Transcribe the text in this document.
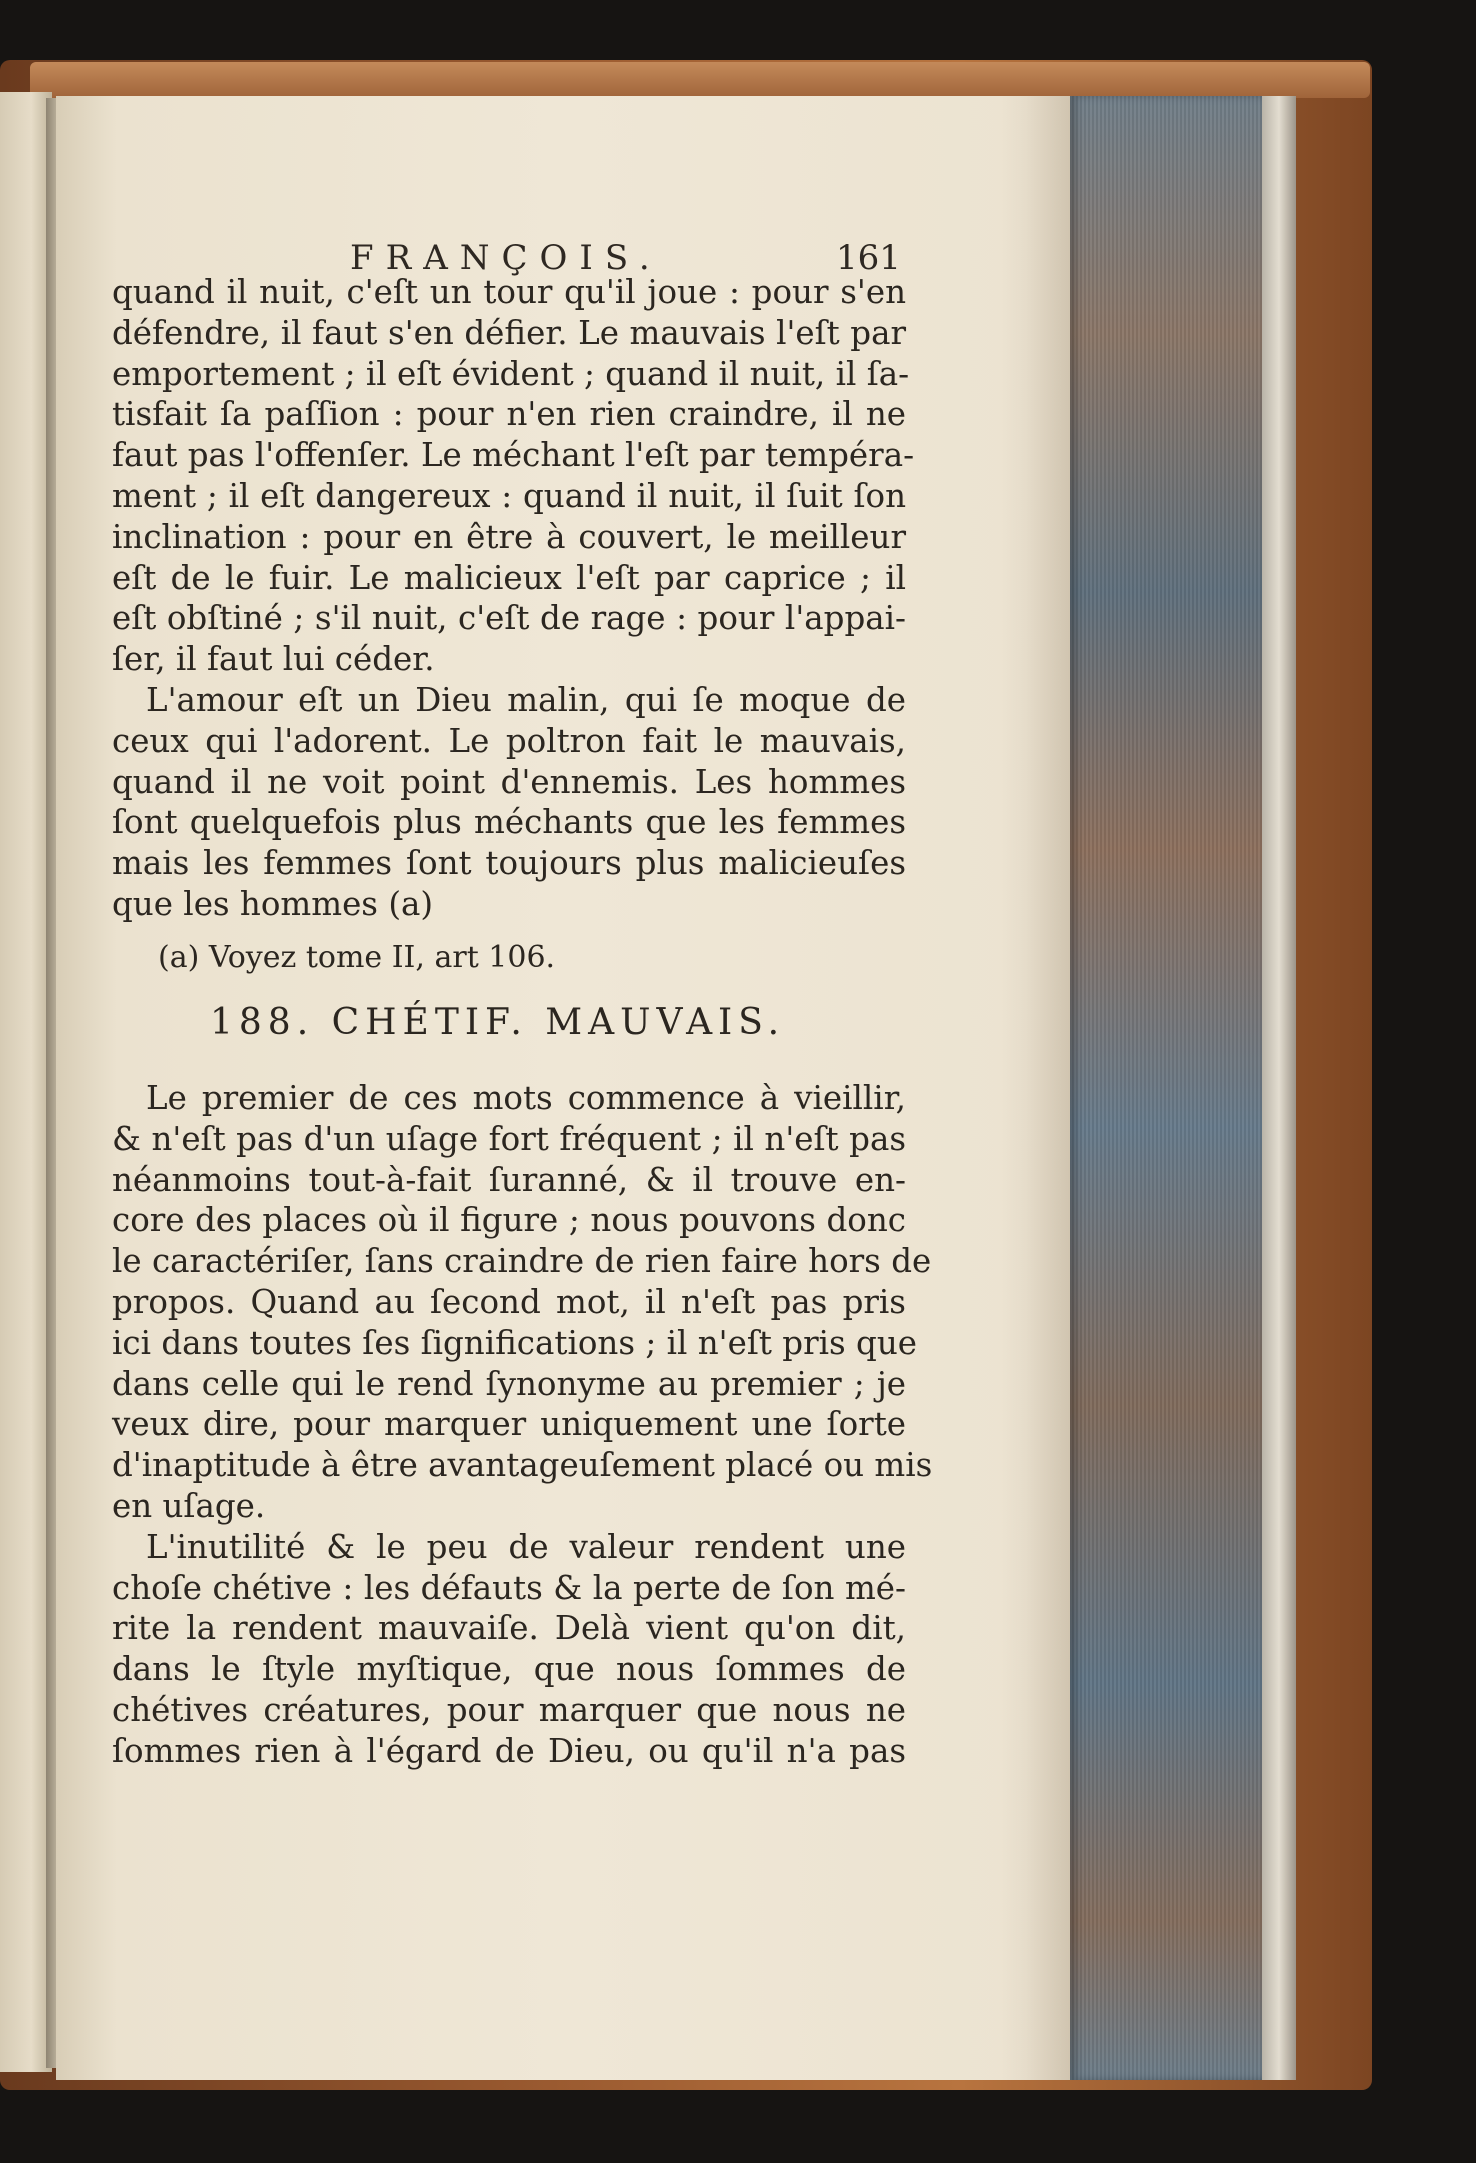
FRANÇOIS.	161
quand il nuit, c'eſt un tour qu'il joue : pour s'en
défendre, il faut s'en défier. Le mauvais l'eſt par
emportement ; il eſt évident ; quand il nuit, il ſa-
tisfait ſa paſſion : pour n'en rien craindre, il ne
faut pas l'offenſer. Le méchant l'eſt par tempéra-
ment ; il eſt dangereux : quand il nuit, il ſuit ſon
inclination : pour en être à couvert, le meilleur
eſt de le fuir. Le malicieux l'eſt par caprice ; il
eſt obſtiné ; s'il nuit, c'eſt de rage : pour l'appai-
ſer, il faut lui céder.
L'amour eſt un Dieu malin, qui ſe moque de
ceux qui l'adorent. Le poltron fait le mauvais,
quand il ne voit point d'ennemis. Les hommes
ſont quelquefois plus méchants que les femmes
mais les femmes ſont toujours plus malicieuſes
que les hommes (a)
(a) Voyez tome II, art 106.
188. CHÉTIF. MAUVAIS.
Le premier de ces mots commence à vieillir,
& n'eſt pas d'un uſage fort fréquent ; il n'eſt pas
néanmoins tout-à-fait ſuranné, & il trouve en-
core des places où il figure ; nous pouvons donc
le caractériſer, ſans craindre de rien faire hors de
propos. Quand au ſecond mot, il n'eſt pas pris
ici dans toutes ſes ſignifications ; il n'eſt pris que
dans celle qui le rend ſynonyme au premier ; je
veux dire, pour marquer uniquement une ſorte
d'inaptitude à être avantageuſement placé ou mis
en uſage.
L'inutilité & le peu de valeur rendent une
choſe chétive : les défauts & la perte de ſon mé-
rite la rendent mauvaiſe. Delà vient qu'on dit,
dans le ſtyle myſtique, que nous ſommes de
chétives créatures, pour marquer que nous ne
ſommes rien à l'égard de Dieu, ou qu'il n'a pas
